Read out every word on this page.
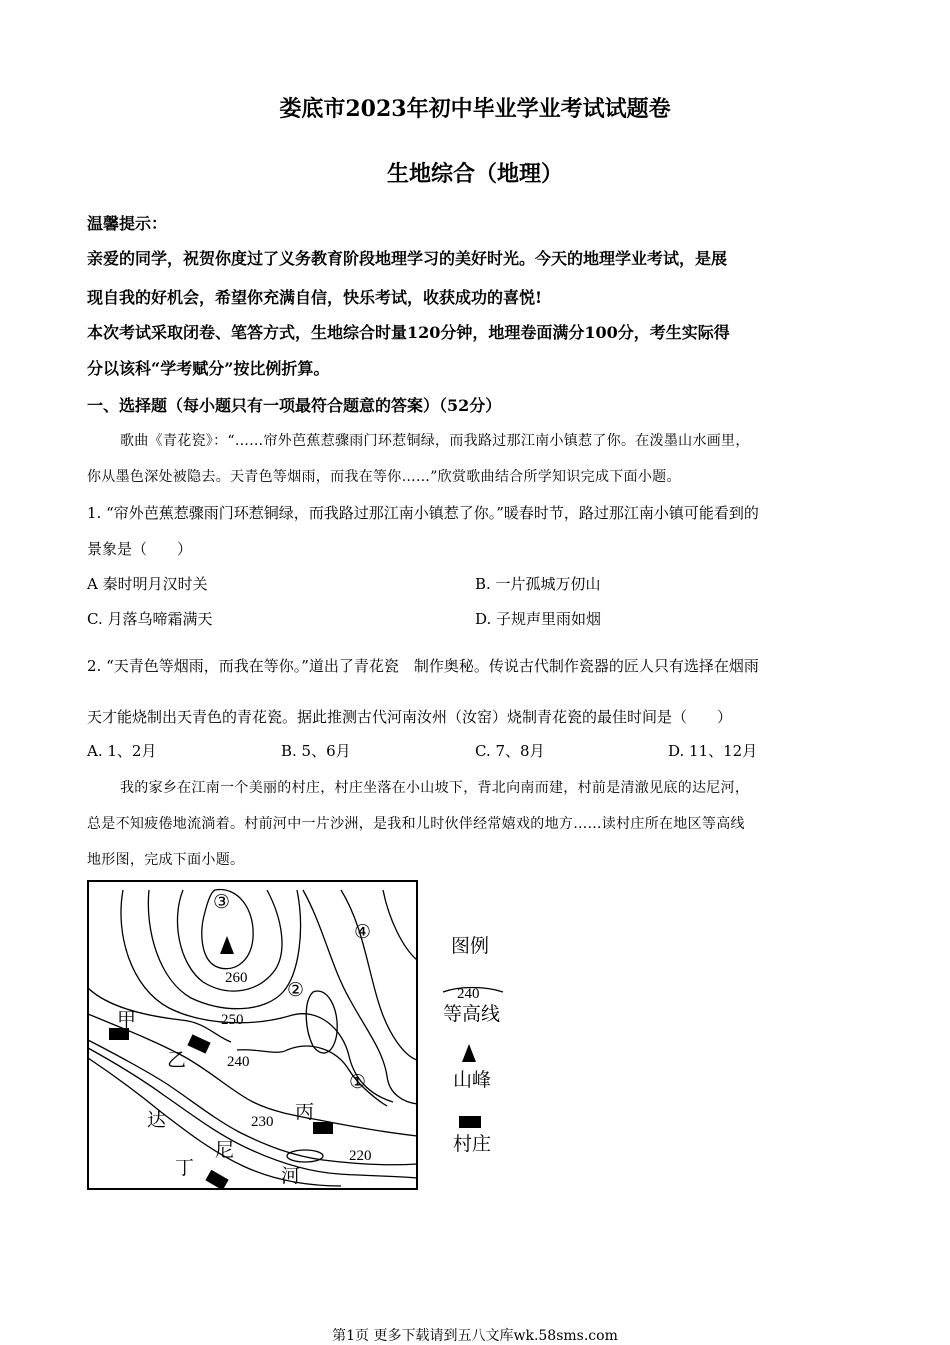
娄底市2023年初中毕业学业考试试题卷
生地综合（地理）
温馨提示：
亲爱的同学，祝贺你度过了义务教育阶段地理学习的美好时光。今天的地理学业考试，是展
现自我的好机会，希望你充满自信，快乐考试，收获成功的喜悦!
本次考试采取闭卷、笔答方式，生地综合时量120分钟，地理卷面满分100分，考生实际得
分以该科“学考赋分”按比例折算。
一、选择题（每小题只有一项最符合题意的答案）（52分）
歌曲《青花瓷》：“……帘外芭蕉惹骤雨门环惹铜绿，而我路过那江南小镇惹了你。在泼墨山水画里，
你从墨色深处被隐去。天青色等烟雨，而我在等你……”欣赏歌曲结合所学知识完成下面小题。
1. “帘外芭蕉惹骤雨门环惹铜绿，而我路过那江南小镇惹了你。”暖春时节，路过那江南小镇可能看到的
景象是（　　）
A 秦时明月汉时关	B. 一片孤城万仞山
C. 月落乌啼霜满天	D. 子规声里雨如烟
2. “天青色等烟雨，而我在等你。”道出了青花瓷　制作奥秘。传说古代制作瓷器的匠人只有选择在烟雨
天才能烧制出天青色的青花瓷。据此推测古代河南汝州（汝窑）烧制青花瓷的最佳时间是（　　）
A. 1、2月	B. 5、6月	C. 7、8月	D. 11、12月
我的家乡在江南一个美丽的村庄，村庄坐落在小山坡下，背北向南而建，村前是清澈见底的达尼河，
总是不知疲倦地流淌着。村前河中一片沙洲，是我和儿时伙伴经常嬉戏的地方……读村庄所在地区等高线
地形图，完成下面小题。
③
④
②
①
260
250
240
230
220
甲
乙
丙
丁
达
尼
河
图例
240
等高线
山峰
村庄
第1页 更多下载请到五八文库wk.58sms.com
